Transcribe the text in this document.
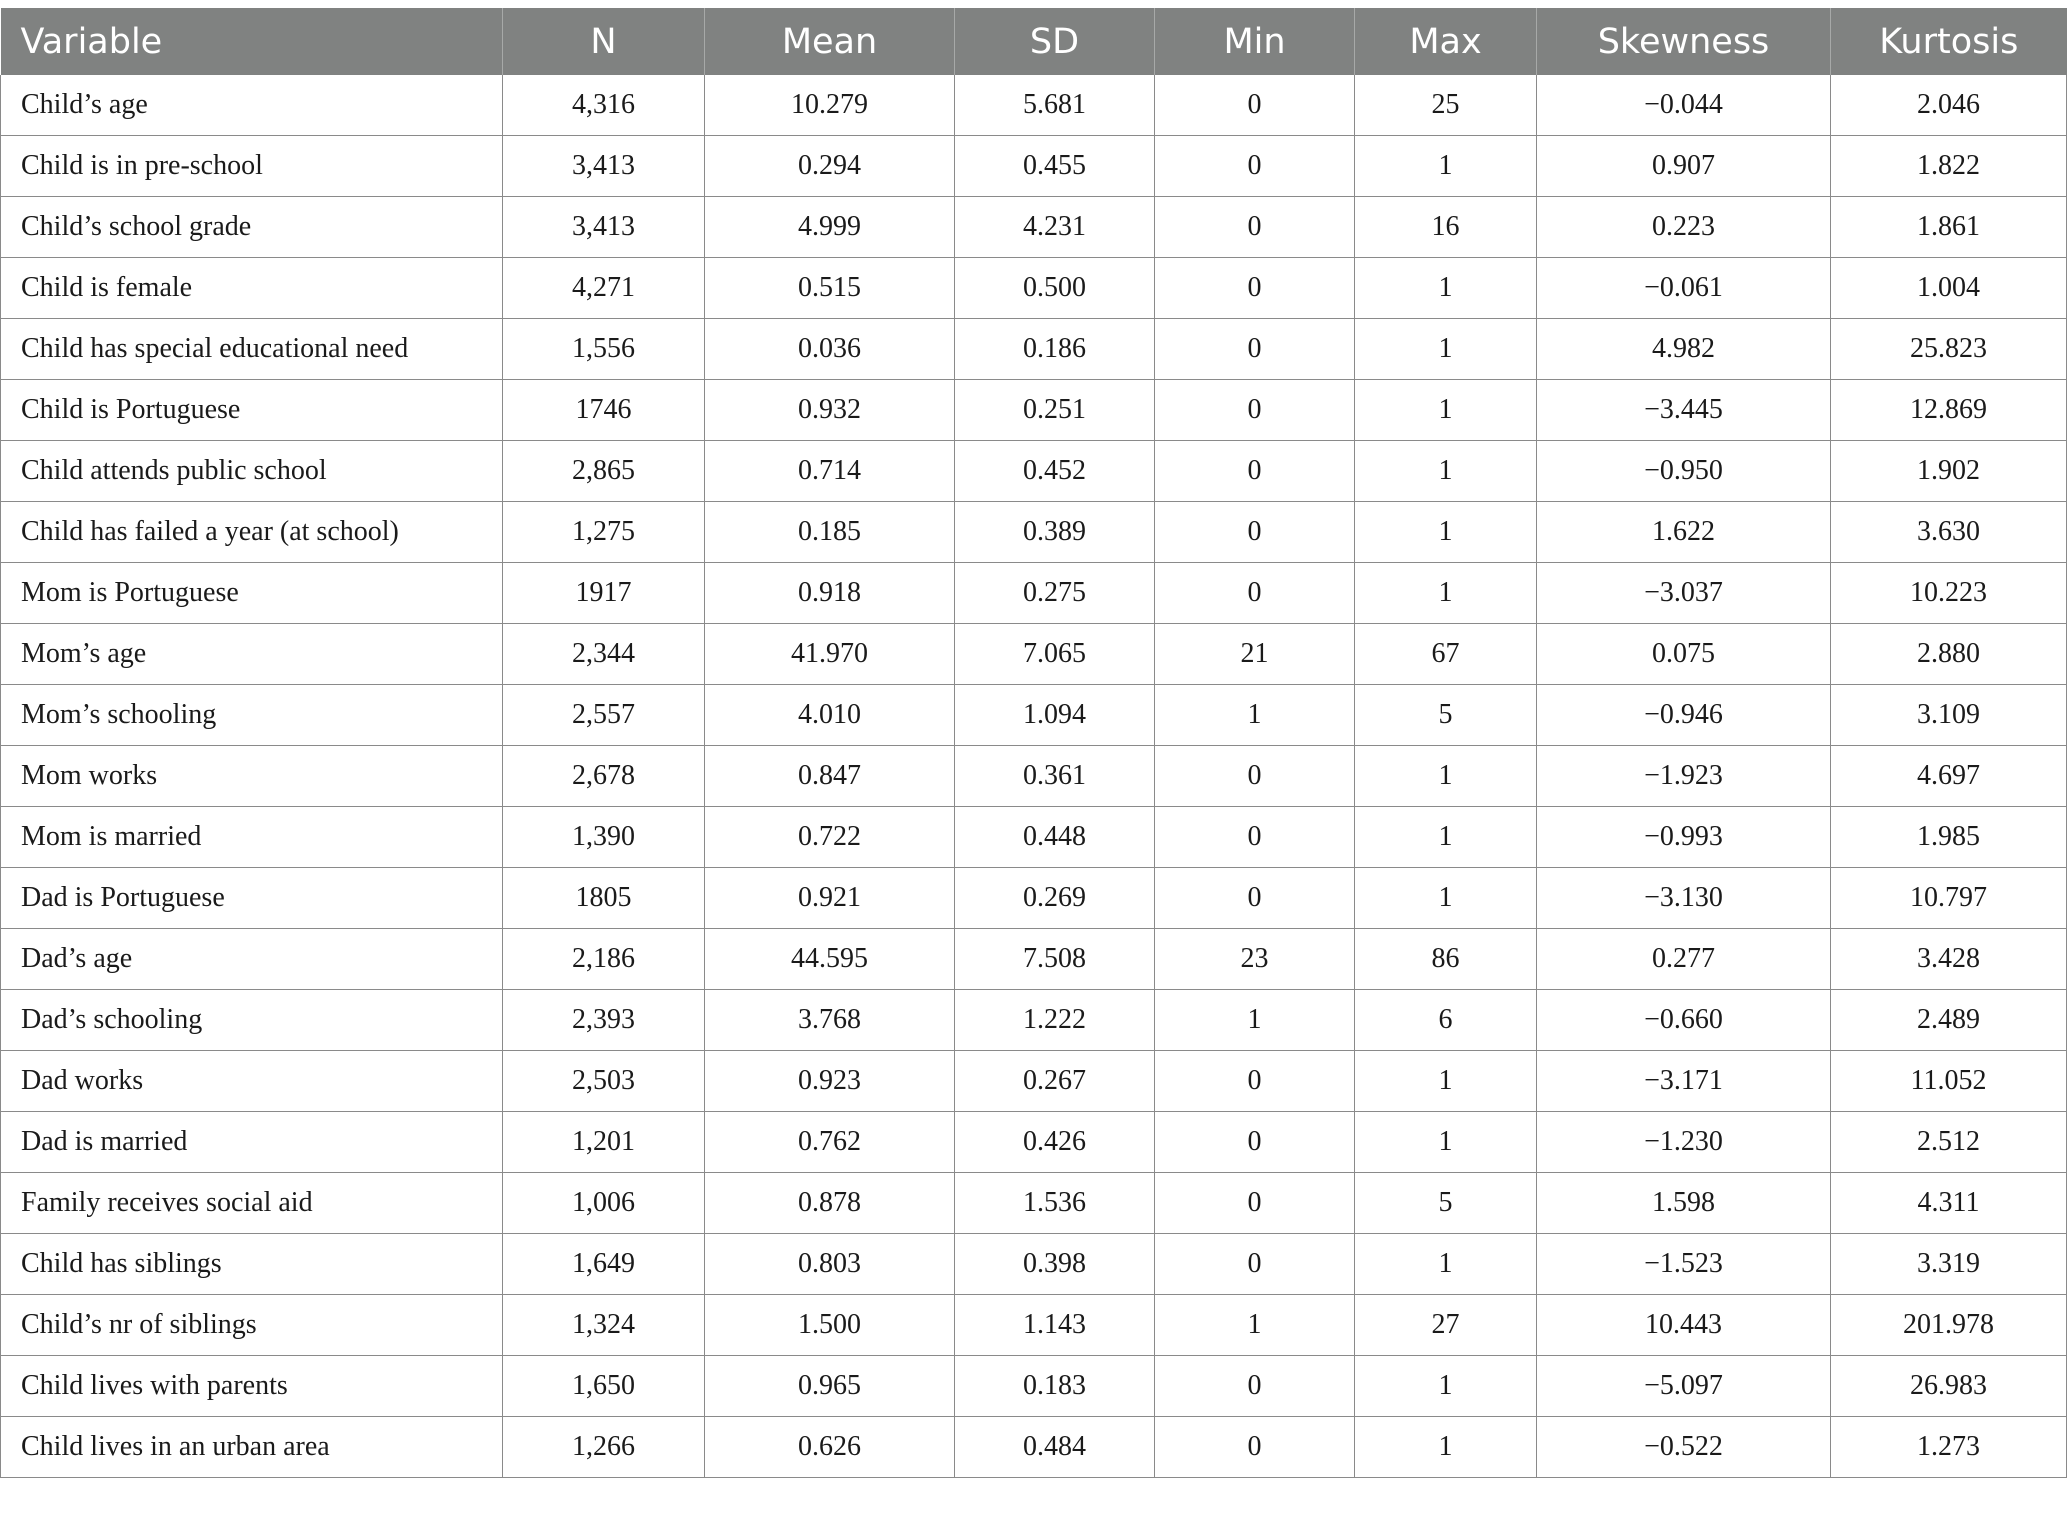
Variable	N	Mean	SD	Min	Max	Skewness	Kurtosis
Child’s age	4,316	10.279	5.681	0	25	−0.044	2.046
Child is in pre-school	3,413	0.294	0.455	0	1	0.907	1.822
Child’s school grade	3,413	4.999	4.231	0	16	0.223	1.861
Child is female	4,271	0.515	0.500	0	1	−0.061	1.004
Child has special educational need	1,556	0.036	0.186	0	1	4.982	25.823
Child is Portuguese	1746	0.932	0.251	0	1	−3.445	12.869
Child attends public school	2,865	0.714	0.452	0	1	−0.950	1.902
Child has failed a year (at school)	1,275	0.185	0.389	0	1	1.622	3.630
Mom is Portuguese	1917	0.918	0.275	0	1	−3.037	10.223
Mom’s age	2,344	41.970	7.065	21	67	0.075	2.880
Mom’s schooling	2,557	4.010	1.094	1	5	−0.946	3.109
Mom works	2,678	0.847	0.361	0	1	−1.923	4.697
Mom is married	1,390	0.722	0.448	0	1	−0.993	1.985
Dad is Portuguese	1805	0.921	0.269	0	1	−3.130	10.797
Dad’s age	2,186	44.595	7.508	23	86	0.277	3.428
Dad’s schooling	2,393	3.768	1.222	1	6	−0.660	2.489
Dad works	2,503	0.923	0.267	0	1	−3.171	11.052
Dad is married	1,201	0.762	0.426	0	1	−1.230	2.512
Family receives social aid	1,006	0.878	1.536	0	5	1.598	4.311
Child has siblings	1,649	0.803	0.398	0	1	−1.523	3.319
Child’s nr of siblings	1,324	1.500	1.143	1	27	10.443	201.978
Child lives with parents	1,650	0.965	0.183	0	1	−5.097	26.983
Child lives in an urban area	1,266	0.626	0.484	0	1	−0.522	1.273
